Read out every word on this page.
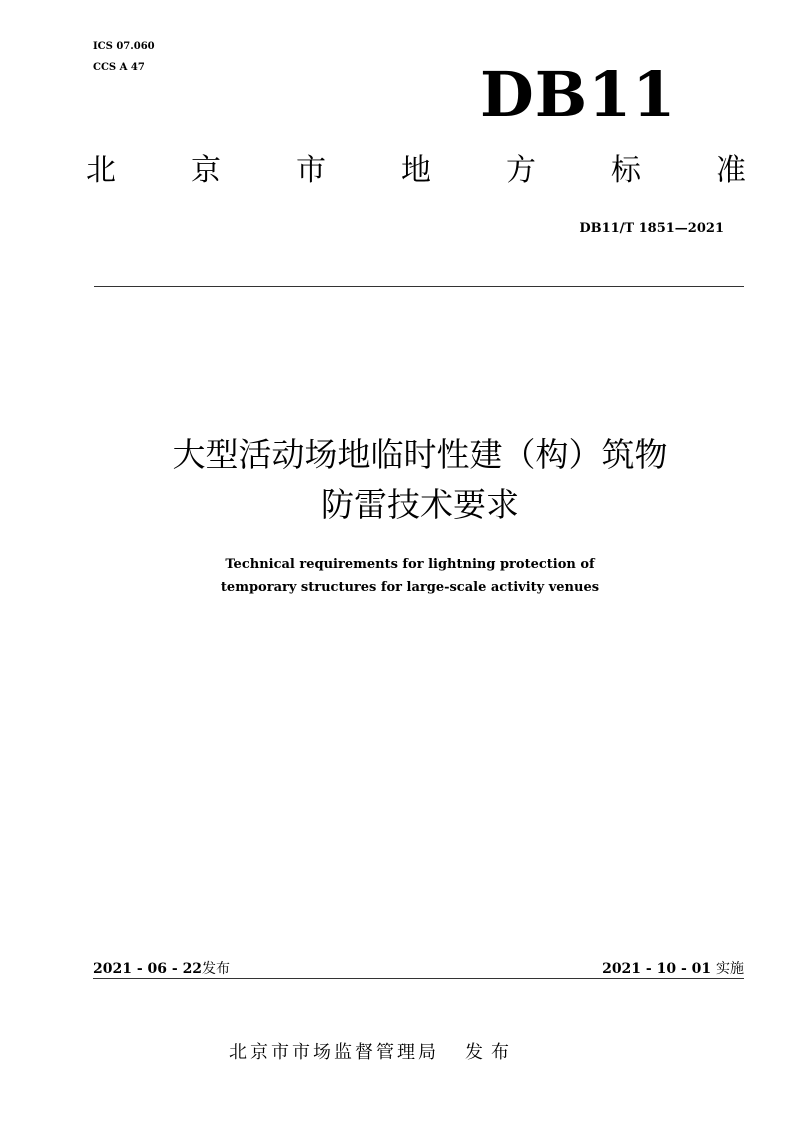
ICS 07.060
CCS A 47	DB11
北	京	市	地	方	标	准
DB11/T 1851—2021
大型活动场地临时性建（构）筑物
防雷技术要求
Technical requirements for lightning protection of
temporary structures for large-scale activity venues
2021 - 06 - 22发布	2021 - 10 - 01 实施
北京市市场监督管理局 发布
